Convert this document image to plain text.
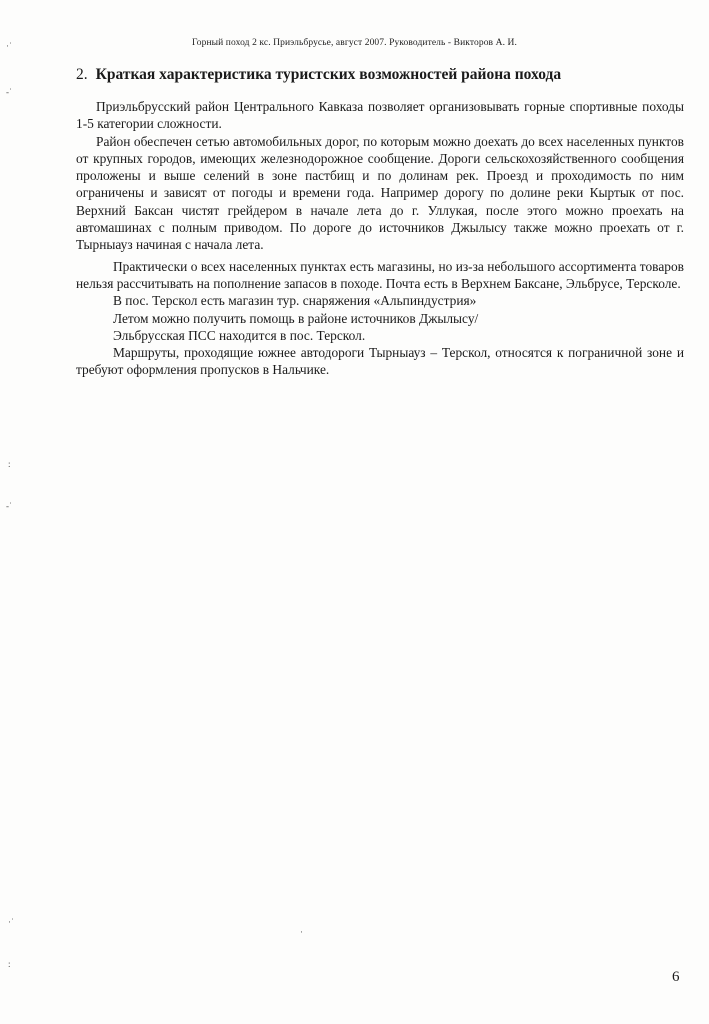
Горный поход 2 кс. Приэльбрусье, август 2007. Руководитель - Викторов А. И.
2. Краткая характеристика туристских возможностей района похода

Приэльбрусский район Центрального Кавказа позволяет организовывать горные спортивные походы 1-5 категории сложности.

Район обеспечен сетью автомобильных дорог, по которым можно доехать до всех населенных пунктов от крупных городов, имеющих железнодорожное сообщение. Дороги сельскохозяйственного сообщения проложены и выше селений в зоне пастбищ и по долинам рек. Проезд и проходимость по ним ограничены и зависят от погоды и времени года. Например дорогу по долине реки Кыртык от пос. Верхний Баксан чистят грейдером в начале лета до г. Уллукая, после этого можно проехать на автомашинах с полным приводом. По дороге до источников Джылысу также можно проехать от г. Тырныауз начиная с начала лета.

Практически о всех населенных пунктах есть магазины, но из-за небольшого ассортимента товаров нельзя рассчитывать на пополнение запасов в походе. Почта есть в Верхнем Баксане, Эльбрусе, Терсколе.

В пос. Терскол есть магазин тур. снаряжения «Альпиндустрия»

Летом можно получить помощь в районе источников Джылысу/

Эльбрусская ПСС находится в пос. Терскол.

Маршруты, проходящие южнее автодороги Тырныауз – Терскол, относятся к пограничной зоне и требуют оформления пропусков в Нальчике.

6
·˙
-˙
:
-˙
·˙
:
·
